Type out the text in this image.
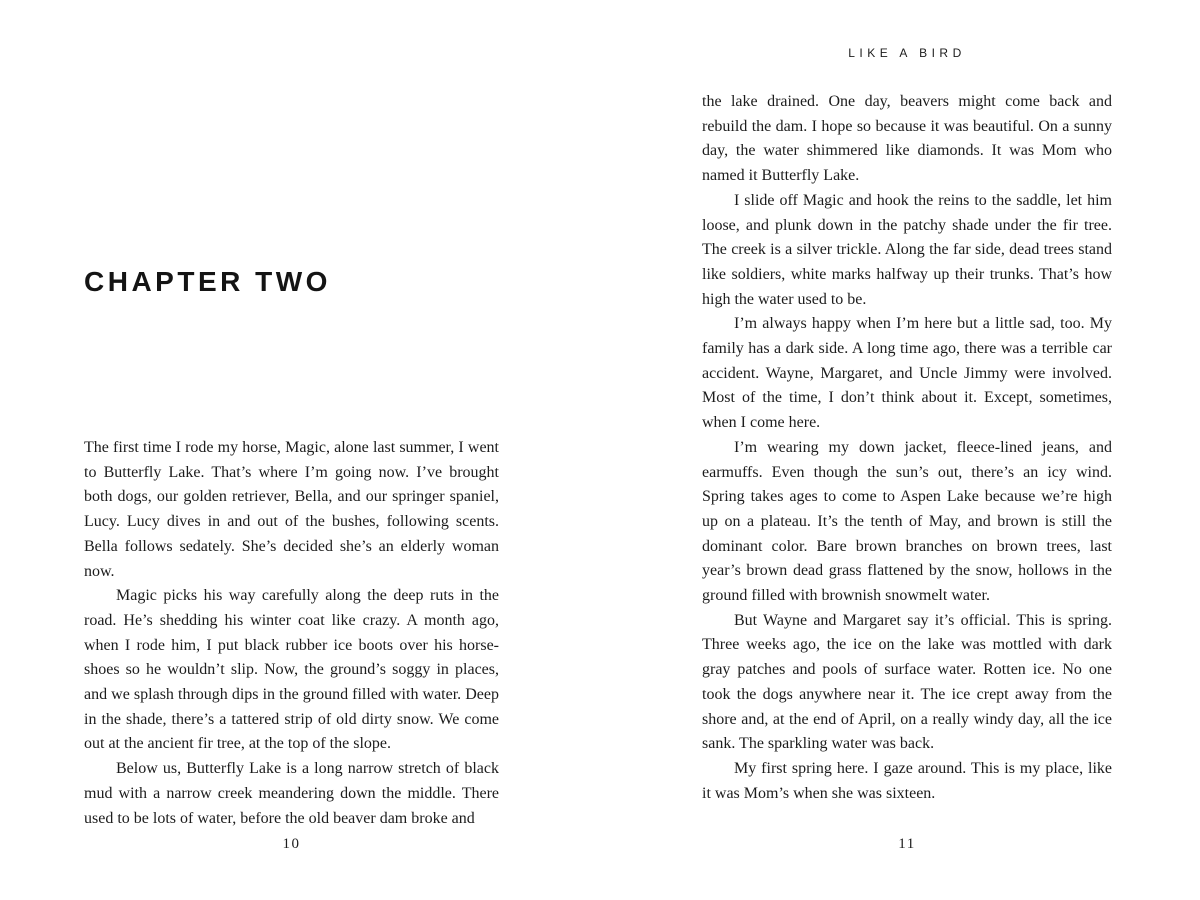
CHAPTER TWO

The first time I rode my horse, Magic, alone last summer, I went to Butterfly Lake. That’s where I’m going now. I’ve brought both dogs, our golden retriever, Bella, and our springer spaniel, Lucy. Lucy dives in and out of the bushes, following scents. Bella follows sedately. She’s decided she’s an elderly woman now.

Magic picks his way carefully along the deep ruts in the road. He’s shedding his winter coat like crazy. A month ago, when I rode him, I put black rubber ice boots over his horseshoes so he wouldn’t slip. Now, the ground’s soggy in places, and we splash through dips in the ground filled with water. Deep in the shade, there’s a tattered strip of old dirty snow. We come out at the ancient fir tree, at the top of the slope.

Below us, Butterfly Lake is a long narrow stretch of black mud with a narrow creek meandering down the middle. There used to be lots of water, before the old beaver dam broke and

10
LIKE A BIRD

the lake drained. One day, beavers might come back and rebuild the dam. I hope so because it was beautiful. On a sunny day, the water shimmered like diamonds. It was Mom who named it Butterfly Lake.

I slide off Magic and hook the reins to the saddle, let him loose, and plunk down in the patchy shade under the fir tree. The creek is a silver trickle. Along the far side, dead trees stand like soldiers, white marks halfway up their trunks. That’s how high the water used to be.

I’m always happy when I’m here but a little sad, too. My family has a dark side. A long time ago, there was a terrible car accident. Wayne, Margaret, and Uncle Jimmy were involved. Most of the time, I don’t think about it. Except, sometimes, when I come here.

I’m wearing my down jacket, fleece-lined jeans, and earmuffs. Even though the sun’s out, there’s an icy wind. Spring takes ages to come to Aspen Lake because we’re high up on a plateau. It’s the tenth of May, and brown is still the dominant color. Bare brown branches on brown trees, last year’s brown dead grass flattened by the snow, hollows in the ground filled with brownish snowmelt water.

But Wayne and Margaret say it’s official. This is spring. Three weeks ago, the ice on the lake was mottled with dark gray patches and pools of surface water. Rotten ice. No one took the dogs anywhere near it. The ice crept away from the shore and, at the end of April, on a really windy day, all the ice sank. The sparkling water was back.

My first spring here. I gaze around. This is my place, like it was Mom’s when she was sixteen.

11
